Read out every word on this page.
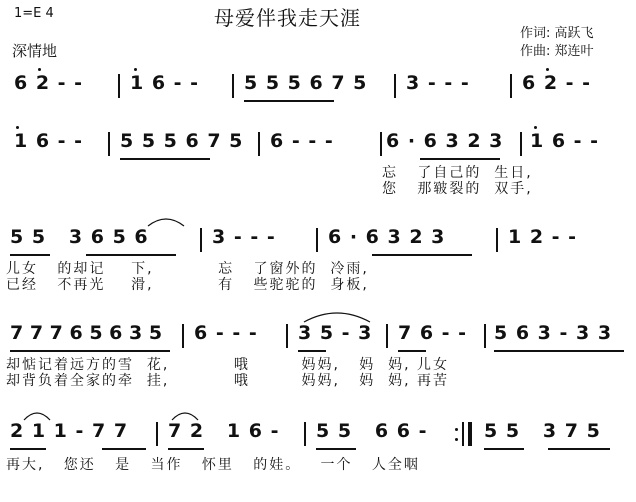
母爱伴我走天涯
1=E 4
深情地
作词: 高跃飞
作曲: 郑连叶
6 2 - - 1 6 - - 5 5 5 6 7 5 3 - - -	6 2 - -
1 6 - - 5 5 5 6 7 5 6 - - -	6 · 6 3 2 3 1 6 - -
忘   了自己的  生日,
您   那皲裂的  双手,
5 5   3 6 5 6	3 - - -	6 · 6 3 2 3	1 2 - -
儿女   的却记    下,          忘   了窗外的  冷雨,
已经   不再光    滑,          有   些驼驼的  身板,
7 7 7 6 5 6 3 5 6 - - - 3 5 - 3 7 6 - - 5 6 3 - 3 3
却惦记着远方的雪  花,          哦        妈妈,   妈  妈, 儿女
却背负着全家的牵  挂,          哦        妈妈,   妈  妈, 再苦
2 1 1 - 7 7 7 2   1 6 - 5 5   6 6 -	5 5   3 7 5
再大,   您还   是   当作   怀里   的娃。   一个   人全咽
